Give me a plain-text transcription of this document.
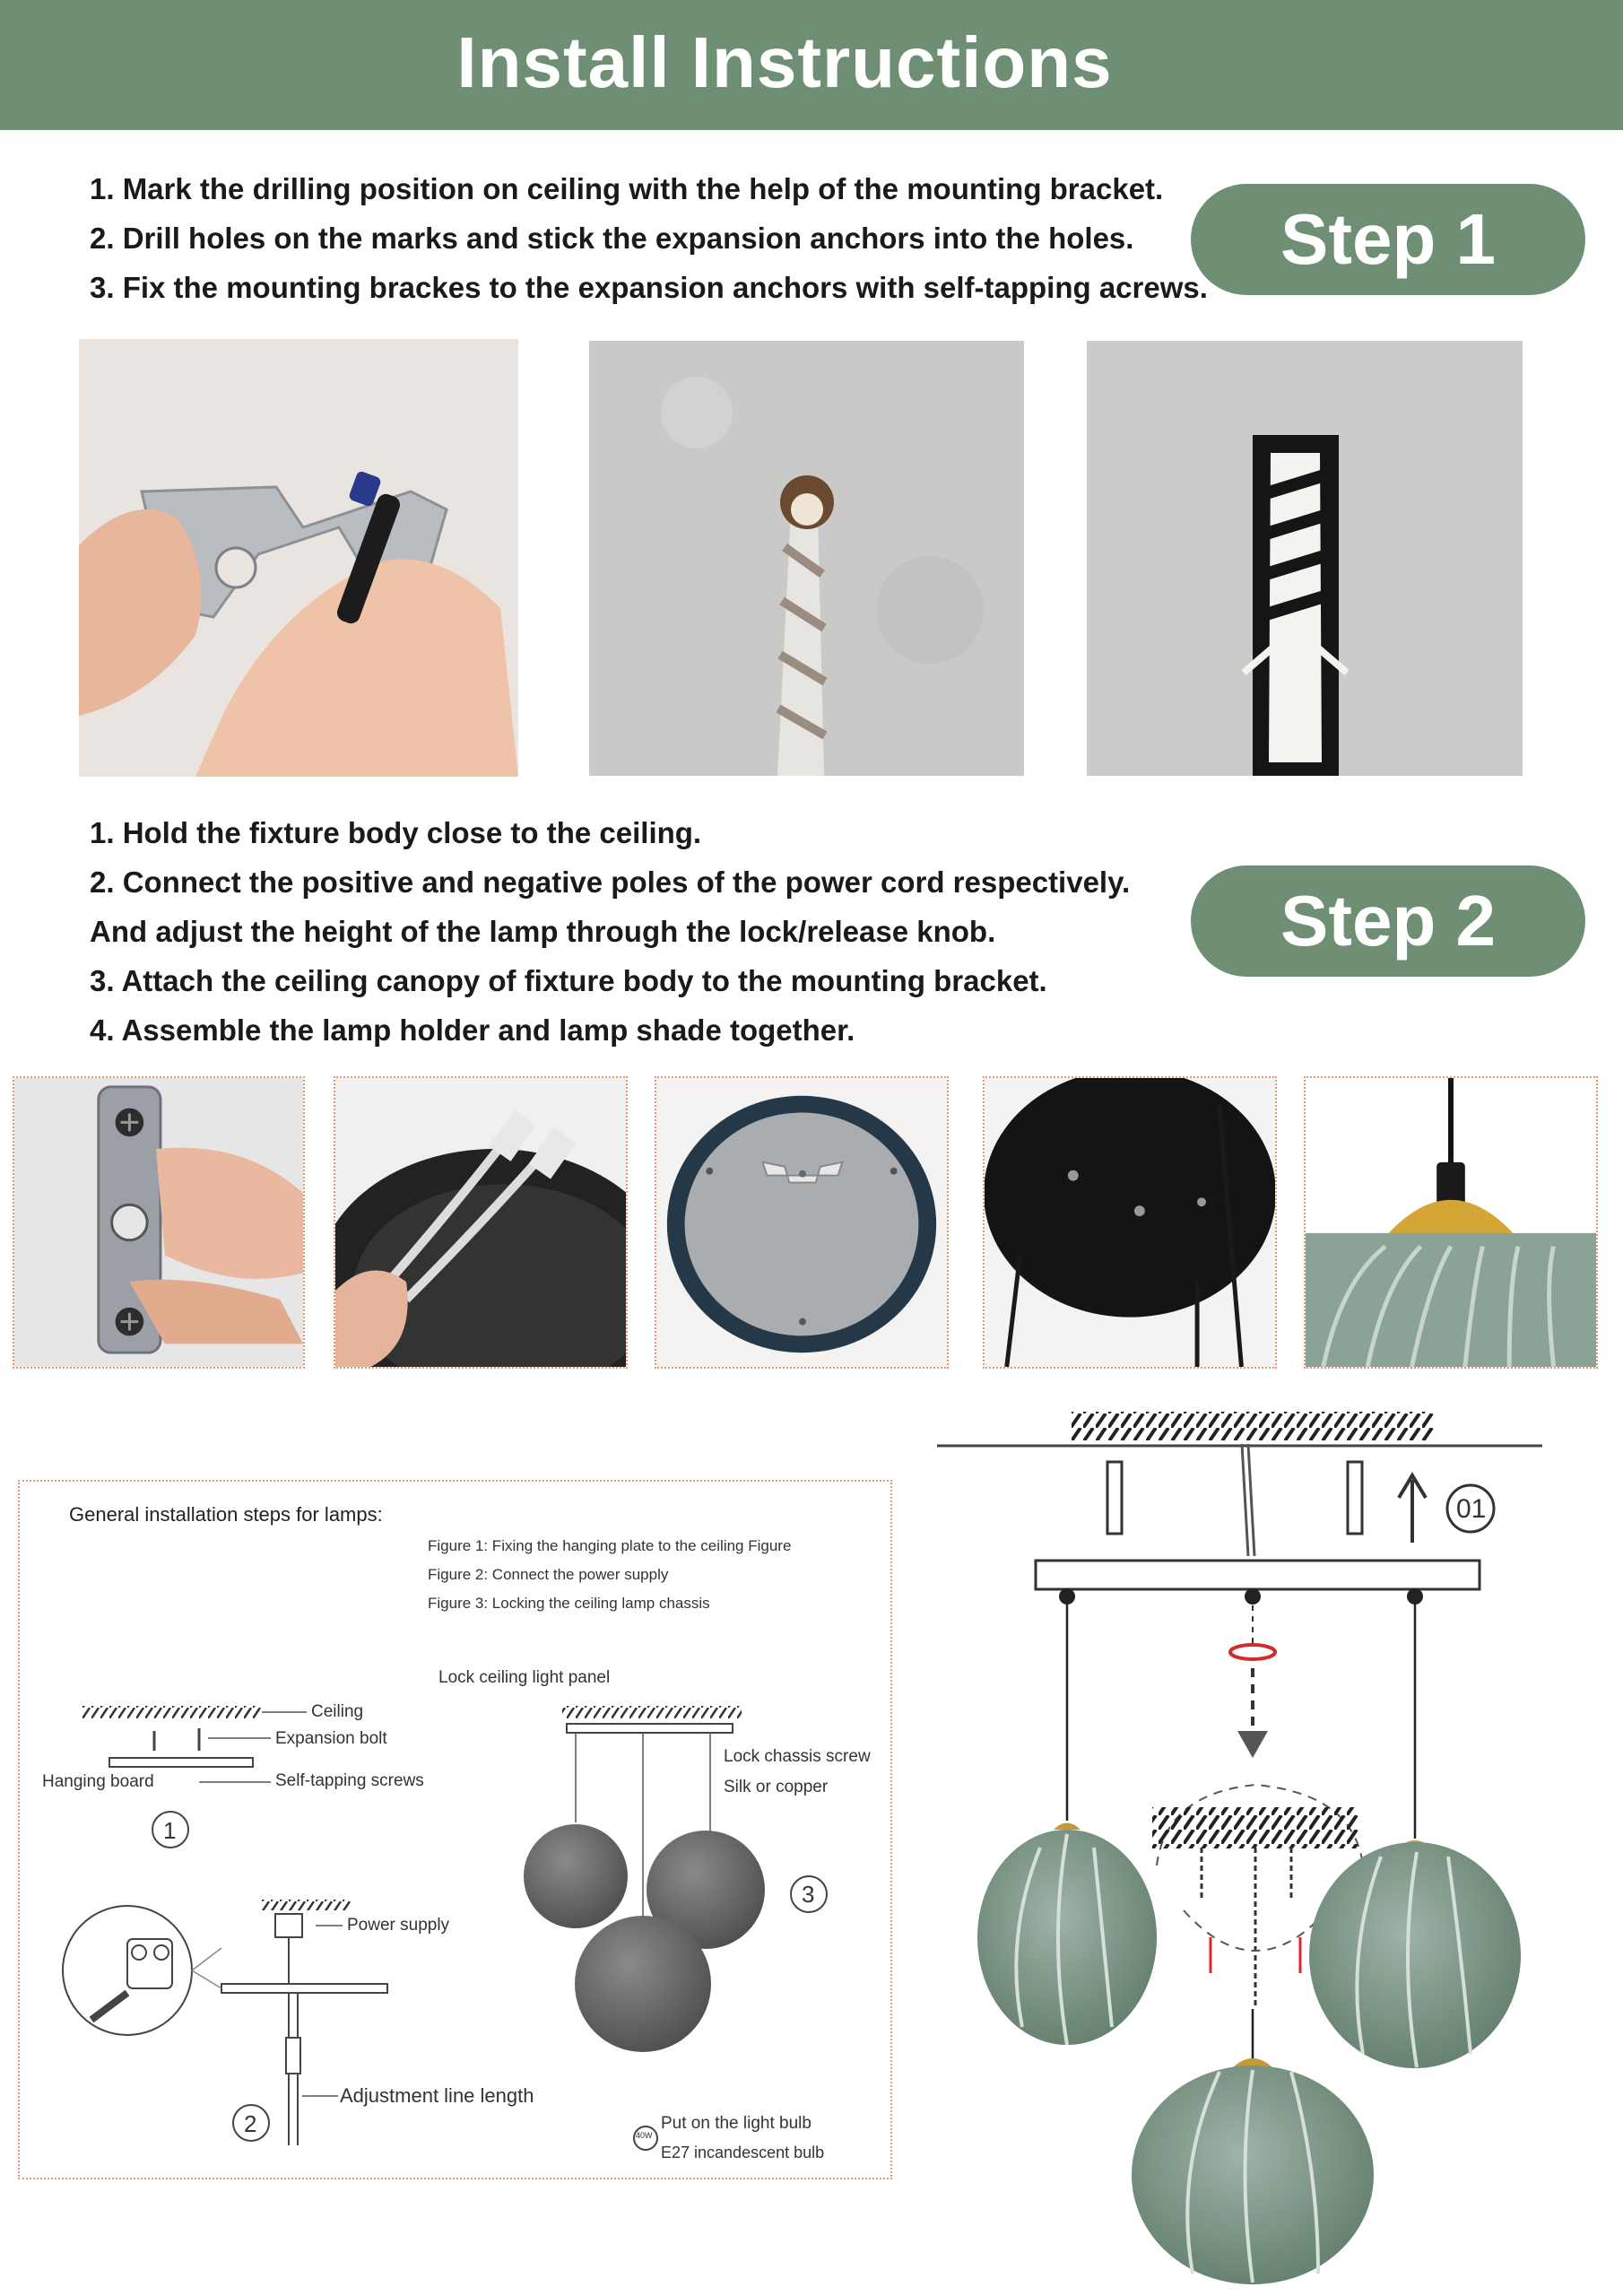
Install Instructions
1. Mark the drilling position on ceiling with the help of the mounting bracket.
2. Drill holes on the marks and stick the expansion anchors into the holes.
3. Fix the mounting brackes to the expansion anchors with self-tapping acrews.
Step 1
1. Hold the fixture body close to the ceiling.
2. Connect the positive and negative poles of the power cord respectively.
And adjust the height of the lamp through the lock/release knob.
3. Attach the ceiling canopy of fixture body to the mounting bracket.
4. Assemble the lamp holder and lamp shade together.
Step 2
General installation steps for lamps:
Figure 1: Fixing the hanging plate to the ceiling Figure
Figure 2: Connect the power supply
Figure 3: Locking the ceiling lamp chassis
Ceiling
Expansion bolt
Hanging board	Self-tapping screws
1
Power supply
Adjustment line length
2
Lock ceiling light panel
Lock chassis screw
Silk or copper
3
40W
Put on the light bulb
E27 incandescent bulb
01
